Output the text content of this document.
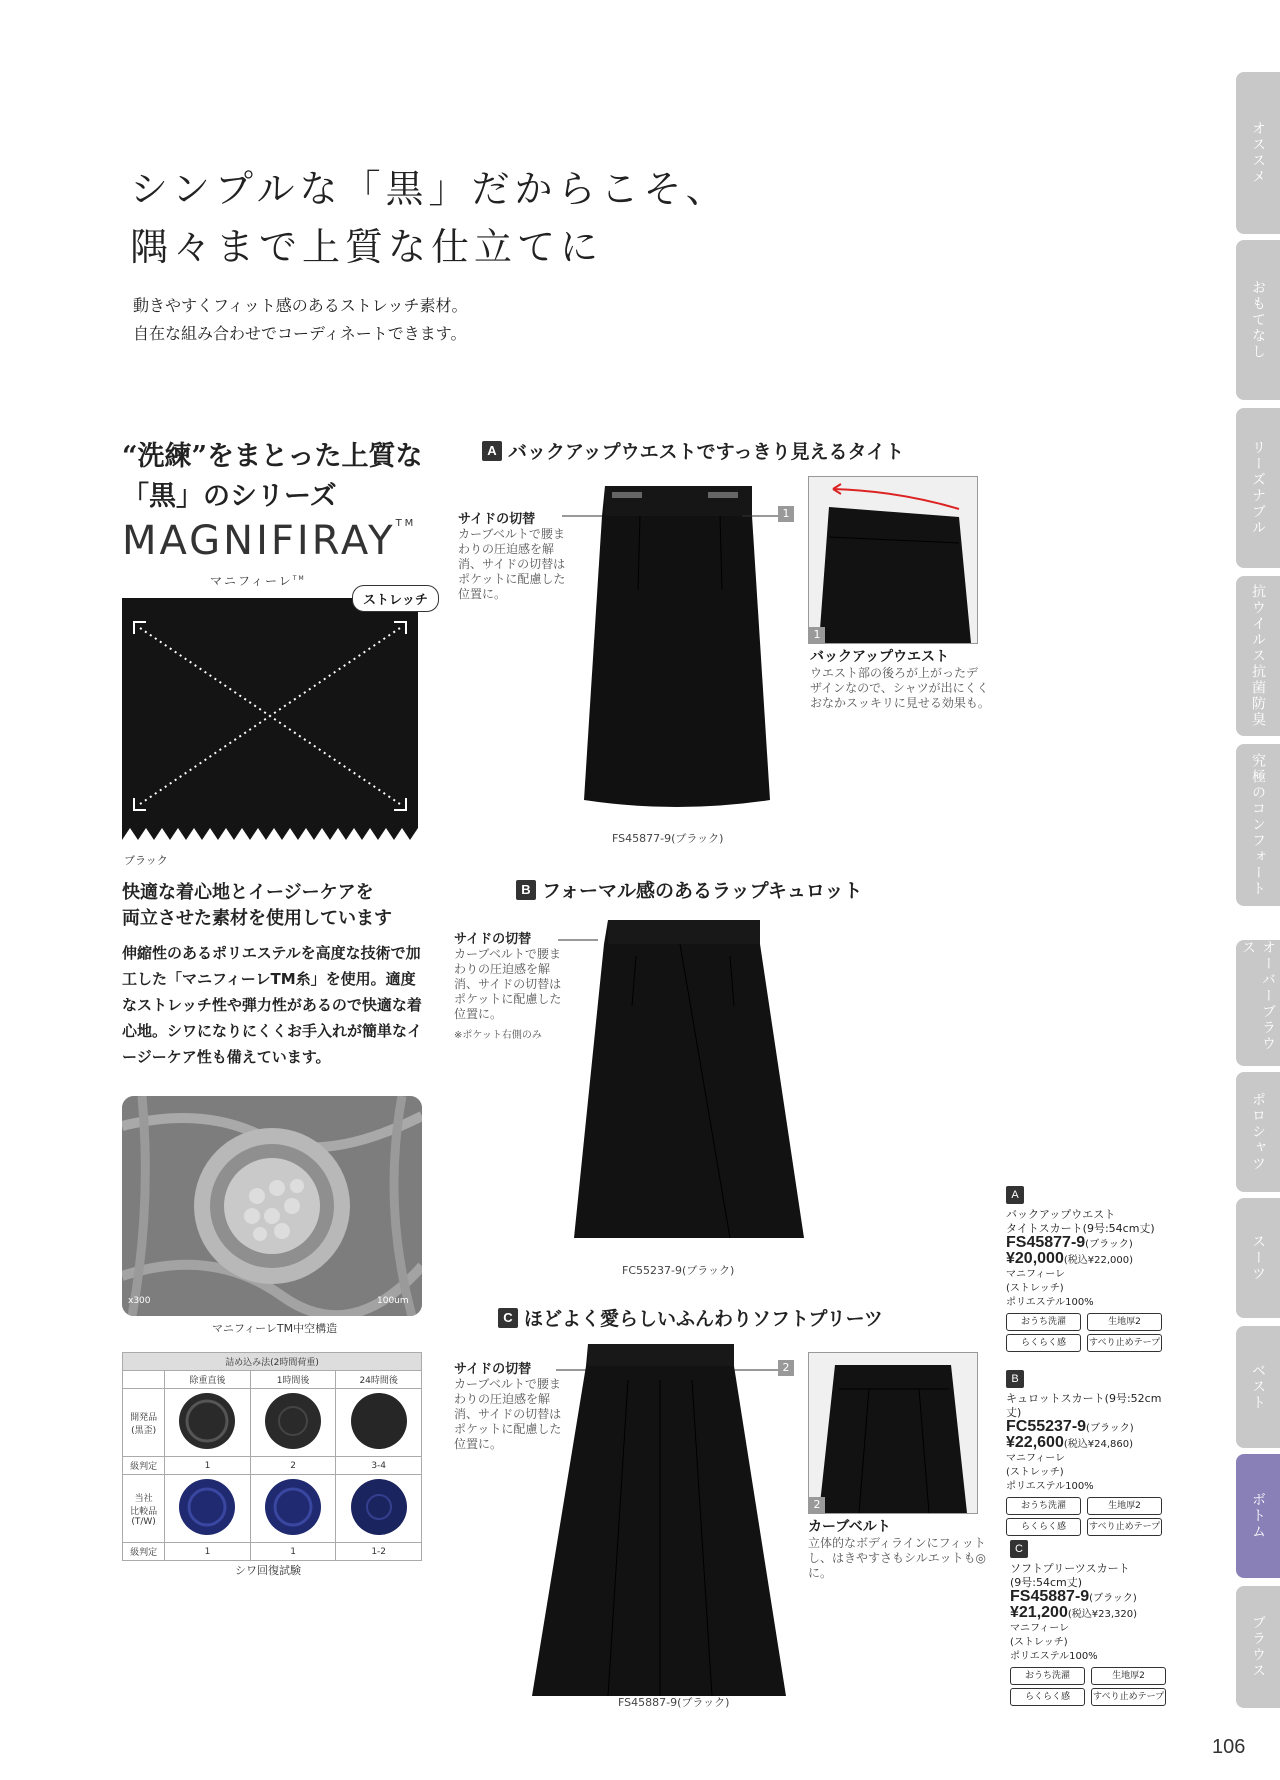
オススメ
おもてなし
リーズナブル
抗ウイルス抗菌防臭
究極のコンフォート
オーバーブラウス
ポロシャツ
スーツ
ベスト
ボトム
ブラウス
シンプルな「黒」だからこそ、
隅々まで上質な仕立てに
動きやすくフィット感のあるストレッチ素材。
自在な組み合わせでコーディネートできます。
“洗練”をまとった上質な
「黒」のシリーズ
MAGNIFIRAY™
マニフィーレ™
ストレッチ
ブラック
快適な着心地とイージーケアを
両立させた素材を使用しています
伸縮性のあるポリエステルを高度な技術で加工した「マニフィーレTM糸」を使用。適度なストレッチ性や弾力性があるので快適な着心地。シワになりにくくお手入れが簡単なイージーケア性も備えています。
x300	100um
マニフィーレTM中空構造
詰め込み法(2時間荷重)			
	除重直後	1時間後	24時間後
開発品
(黒歪)			
級判定	1	2	3-4
当社
比較品
(T/W)			
級判定	1	1	1-2
シワ回復試験
A バックアップウエストですっきり見えるタイト
サイドの切替
カーブベルトで腰まわりの圧迫感を解消、サイドの切替はポケットに配慮した位置に。
1
1
バックアップウエスト
ウエスト部の後ろが上がったデザインなので、シャツが出にくくおなかスッキリに見せる効果も。
FS45877-9(ブラック)
B フォーマル感のあるラップキュロット
サイドの切替
カーブベルトで腰まわりの圧迫感を解消、サイドの切替はポケットに配慮した位置に。
※ポケット右側のみ
FC55237-9(ブラック)
C ほどよく愛らしいふんわりソフトプリーツ
サイドの切替
カーブベルトで腰まわりの圧迫感を解消、サイドの切替はポケットに配慮した位置に。
2
2
カーブベルト
立体的なボディラインにフィットし、はきやすさもシルエットも◎に。
FS45887-9(ブラック)
A
バックアップウエスト
タイトスカート(9号:54cm丈)
FS45877-9(ブラック)
¥20,000(税込¥22,000)
マニフィーレ
(ストレッチ)
ポリエステル100%
おうち洗濯	生地厚2
らくらく感	すべり止めテープ
B
キュロットスカート(9号:52cm丈)
FC55237-9(ブラック)
¥22,600(税込¥24,860)
マニフィーレ
(ストレッチ)
ポリエステル100%
おうち洗濯	生地厚2
らくらく感	すべり止めテープ
C
ソフトプリーツスカート
(9号:54cm丈)
FS45887-9(ブラック)
¥21,200(税込¥23,320)
マニフィーレ
(ストレッチ)
ポリエステル100%
おうち洗濯	生地厚2
らくらく感	すべり止めテープ
106
